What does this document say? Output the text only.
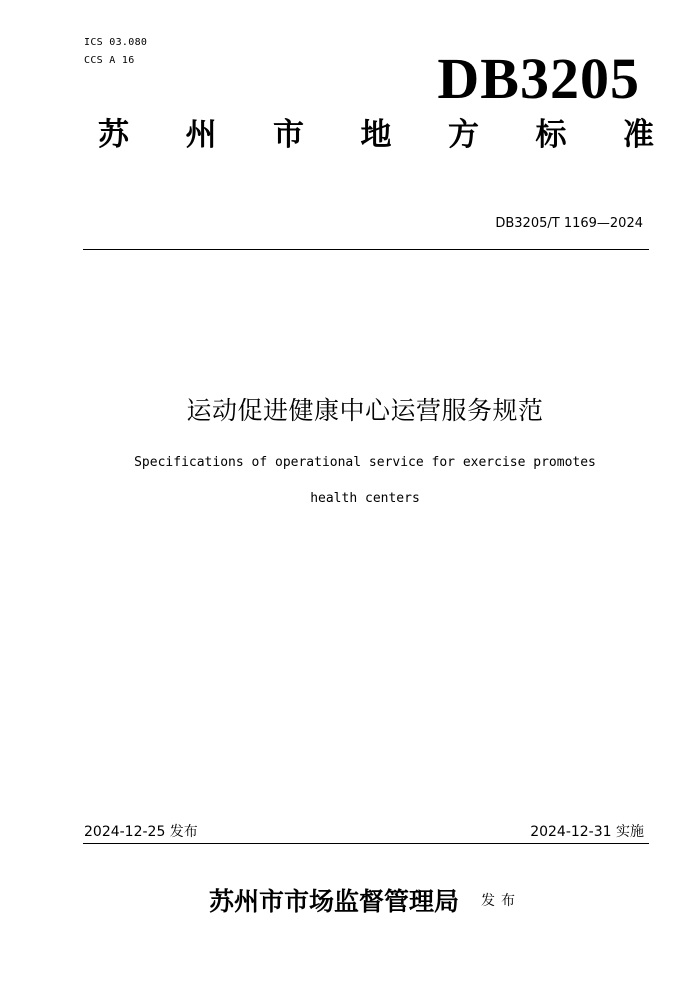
ICS 03.080
CCS A 16	DB3205
苏 州 市 地 方 标 准
DB3205/T 1169—2024
运动促进健康中心运营服务规范
Specifications of operational service for exercise promotes
health centers
2024-12-25 发布	2024-12-31 实施
苏州市市场监督管理局 发布
